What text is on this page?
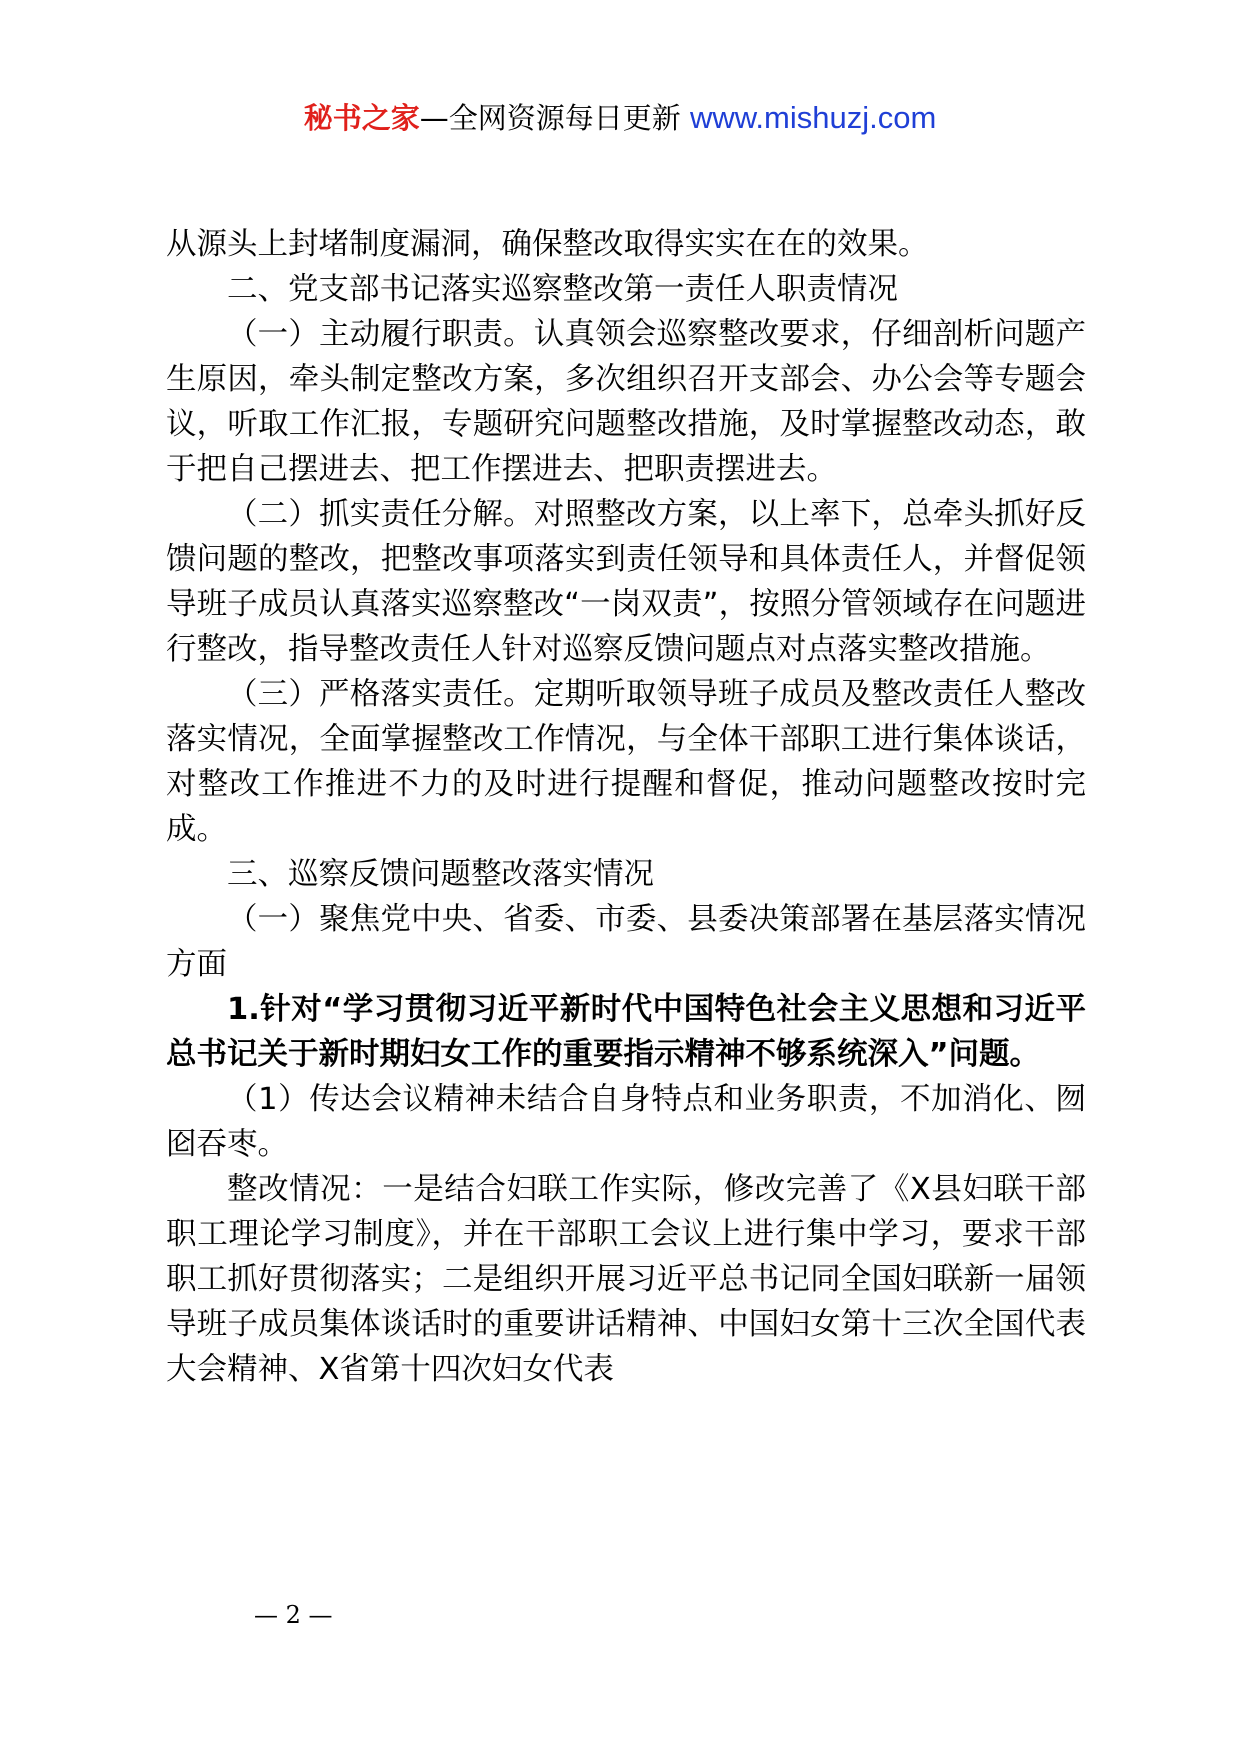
秘书之家—全网资源每日更新 www.mishuzj.com

从源头上封堵制度漏洞，确保整改取得实实在在的效果。

二、党支部书记落实巡察整改第一责任人职责情况

（一）主动履行职责。认真领会巡察整改要求，仔细剖析问题产生原因，牵头制定整改方案，多次组织召开支部会、办公会等专题会议，听取工作汇报，专题研究问题整改措施，及时掌握整改动态，敢于把自己摆进去、把工作摆进去、把职责摆进去。

（二）抓实责任分解。对照整改方案，以上率下，总牵头抓好反馈问题的整改，把整改事项落实到责任领导和具体责任人，并督促领导班子成员认真落实巡察整改“一岗双责”，按照分管领域存在问题进行整改，指导整改责任人针对巡察反馈问题点对点落实整改措施。

（三）严格落实责任。定期听取领导班子成员及整改责任人整改落实情况，全面掌握整改工作情况，与全体干部职工进行集体谈话，对整改工作推进不力的及时进行提醒和督促，推动问题整改按时完成。

三、巡察反馈问题整改落实情况

（一）聚焦党中央、省委、市委、县委决策部署在基层落实情况方面

1.针对“学习贯彻习近平新时代中国特色社会主义思想和习近平总书记关于新时期妇女工作的重要指示精神不够系统深入”问题。

（1）传达会议精神未结合自身特点和业务职责，不加消化、囫囵吞枣。

整改情况：一是结合妇联工作实际，修改完善了《X县妇联干部职工理论学习制度》，并在干部职工会议上进行集中学习，要求干部职工抓好贯彻落实；二是组织开展习近平总书记同全国妇联新一届领导班子成员集体谈话时的重要讲话精神、中国妇女第十三次全国代表大会精神、X省第十四次妇女代表

— 2 —
